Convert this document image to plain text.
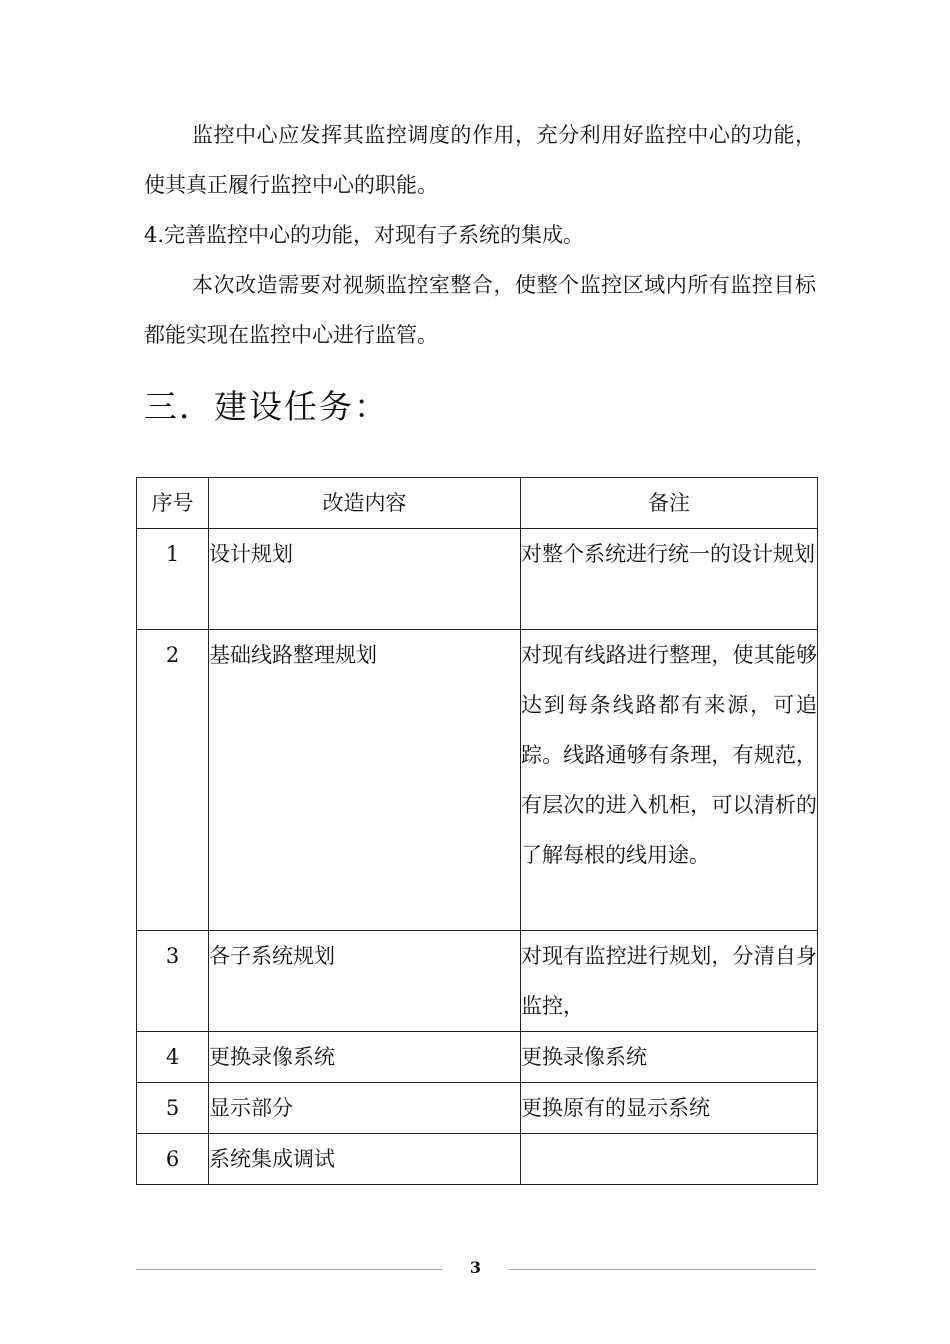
监控中心应发挥其监控调度的作用，充分利用好监控中心的功能，使其真正履行监控中心的职能。

4.完善监控中心的功能，对现有子系统的集成。

本次改造需要对视频监控室整合，使整个监控区域内所有监控目标都能实现在监控中心进行监管。

三．建设任务：
序号	改造内容	备注
1	设计规划	对整个系统进行统一的设计规划
2	基础线路整理规划	对现有线路进行整理，使其能够达到每条线路都有来源，可追踪。线路通够有条理，有规范，有层次的进入机柜，可以清析的了解每根的线用途。
3	各子系统规划	对现有监控进行规划，分清自身监控，
4	更换录像系统	更换录像系统
5	显示部分	更换原有的显示系统
6	系统集成调试	
3
